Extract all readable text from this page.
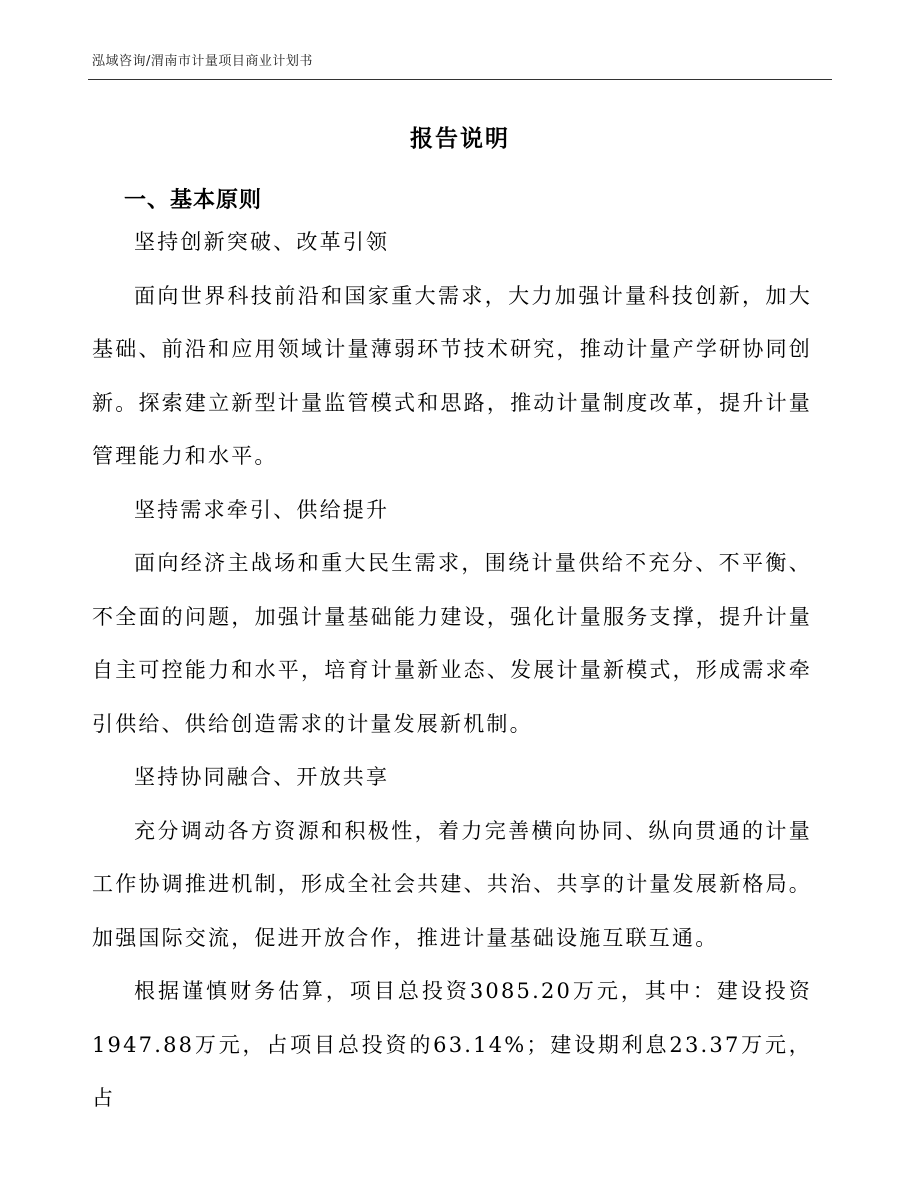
泓域咨询/渭南市计量项目商业计划书
报告说明
一、基本原则

坚持创新突破、改革引领

面向世界科技前沿和国家重大需求，大力加强计量科技创新，加大基础、前沿和应用领域计量薄弱环节技术研究，推动计量产学研协同创新。探索建立新型计量监管模式和思路，推动计量制度改革，提升计量管理能力和水平。

坚持需求牵引、供给提升

面向经济主战场和重大民生需求，围绕计量供给不充分、不平衡、不全面的问题，加强计量基础能力建设，强化计量服务支撑，提升计量自主可控能力和水平，培育计量新业态、发展计量新模式，形成需求牵引供给、供给创造需求的计量发展新机制。

坚持协同融合、开放共享

充分调动各方资源和积极性，着力完善横向协同、纵向贯通的计量工作协调推进机制，形成全社会共建、共治、共享的计量发展新格局。加强国际交流，促进开放合作，推进计量基础设施互联互通。

根据谨慎财务估算，项目总投资3085.20万元，其中：建设投资1947.88万元，占项目总投资的63.14%；建设期利息23.37万元，占
